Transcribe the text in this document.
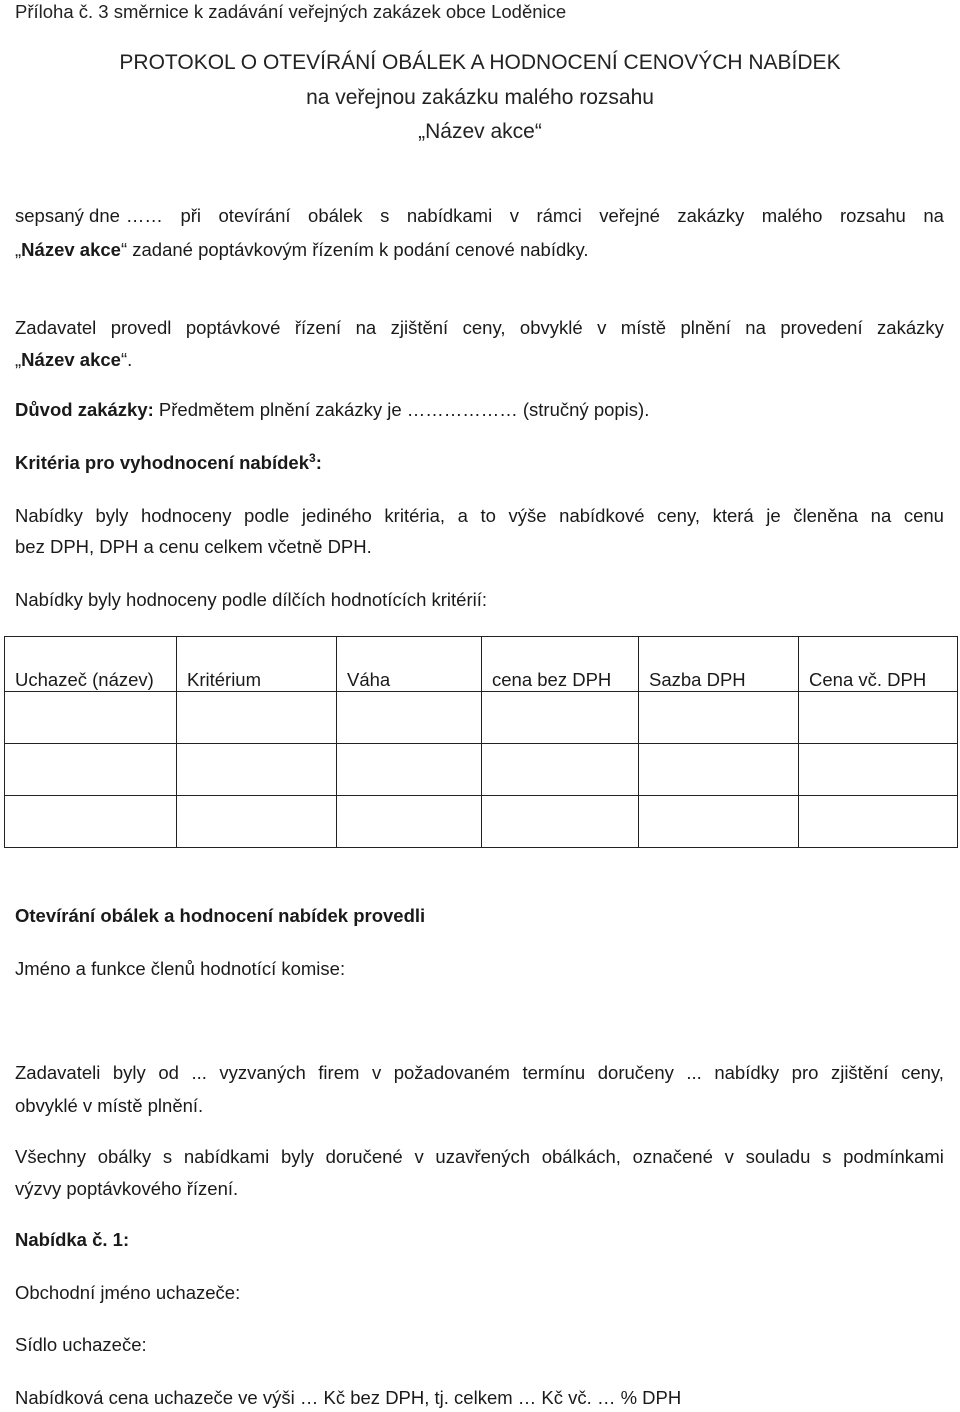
Příloha č. 3 směrnice k zadávání veřejných zakázek obce Loděnice
PROTOKOL O OTEVÍRÁNÍ OBÁLEK A HODNOCENÍ CENOVÝCH NABÍDEK
na veřejnou zakázku malého rozsahu
„Název akce“
sepsaný dne …… při otevírání obálek s nabídkami v rámci veřejné zakázky malého rozsahu na
„Název akce“ zadané poptávkovým řízením k podání cenové nabídky.
Zadavatel provedl poptávkové řízení na zjištění ceny, obvyklé v místě plnění na provedení zakázky
„Název akce“.
Důvod zakázky: Předmětem plnění zakázky je ……………… (stručný popis).
Kritéria pro vyhodnocení nabídek$^3$:
Nabídky byly hodnoceny podle jediného kritéria, a to výše nabídkové ceny, která je členěna na cenu
bez DPH, DPH a cenu celkem včetně DPH.
Nabídky byly hodnoceny podle dílčích hodnotících kritérií:
Uchazeč (název)	Kritérium	Váha	cena bez DPH	Sazba DPH	Cena vč. DPH

Otevírání obálek a hodnocení nabídek provedli
Jméno a funkce členů hodnotící komise:
Zadavateli byly od ... vyzvaných firem v požadovaném termínu doručeny ... nabídky pro zjištění ceny,
obvyklé v místě plnění.
Všechny obálky s nabídkami byly doručené v uzavřených obálkách, označené v souladu s podmínkami
výzvy poptávkového řízení.
Nabídka č. 1:
Obchodní jméno uchazeče:
Sídlo uchazeče:
Nabídková cena uchazeče ve výši … Kč bez DPH, tj. celkem … Kč vč. … % DPH
